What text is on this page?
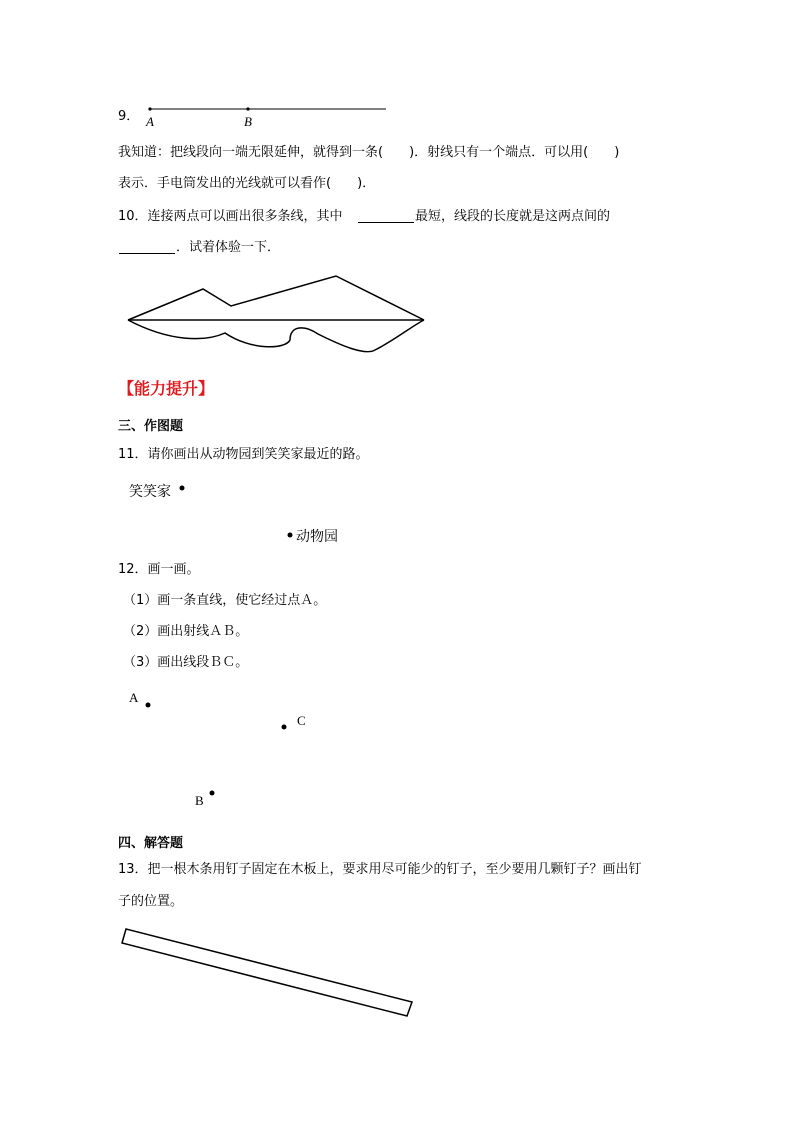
9． A	B
我知道：把线段向一端无限延伸，就得到一条(　　)．射线只有一个端点．可以用(　　)
表示．手电筒发出的光线就可以看作(　　)．
10．连接两点可以画出很多条线，其中	最短，线段的长度就是这两点间的
．试着体验一下．
【能力提升】
三、作图题
11．请你画出从动物园到笑笑家最近的路。
笑笑家
动物园
12．画一画。
（1）画一条直线，使它经过点Ａ。
（2）画出射线ＡＢ。
（3）画出线段ＢＣ。
A
C
B
四、解答题
13．把一根木条用钉子固定在木板上，要求用尽可能少的钉子，至少要用几颗钉子？画出钉
子的位置。
